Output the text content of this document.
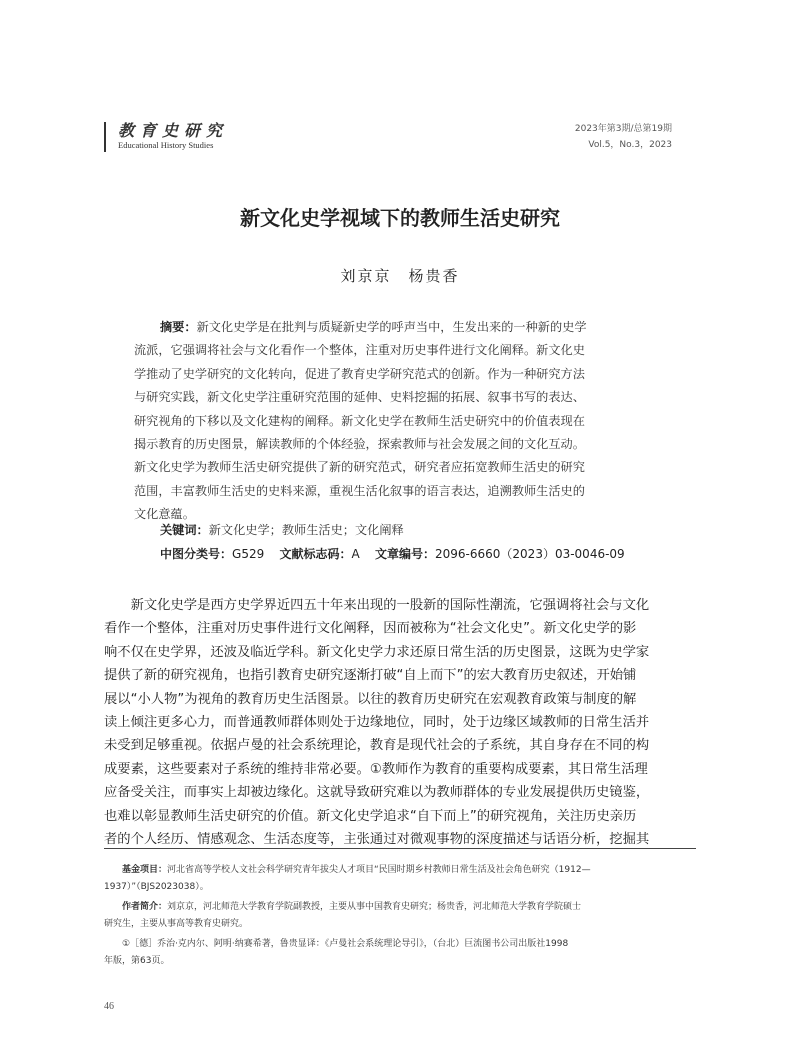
教育史研究
Educational History Studies
2023年第3期/总第19期
Vol.5，No.3，2023
新文化史学视域下的教师生活史研究
刘京京　杨贵香
摘要：新文化史学是在批判与质疑新史学的呼声当中，生发出来的一种新的史学
流派，它强调将社会与文化看作一个整体，注重对历史事件进行文化阐释。新文化史
学推动了史学研究的文化转向，促进了教育史学研究范式的创新。作为一种研究方法
与研究实践，新文化史学注重研究范围的延伸、史料挖掘的拓展、叙事书写的表达、
研究视角的下移以及文化建构的阐释。新文化史学在教师生活史研究中的价值表现在
揭示教育的历史图景，解读教师的个体经验，探索教师与社会发展之间的文化互动。
新文化史学为教师生活史研究提供了新的研究范式，研究者应拓宽教师生活史的研究
范围，丰富教师生活史的史料来源，重视生活化叙事的语言表达，追溯教师生活史的
文化意蕴。
关键词：新文化史学；教师生活史；文化阐释
中图分类号：G529 文献标志码：A 文章编号：2096-6660（2023）03-0046-09
　　新文化史学是西方史学界近四五十年来出现的一股新的国际性潮流，它强调将社会与文化
看作一个整体，注重对历史事件进行文化阐释，因而被称为“社会文化史”。新文化史学的影
响不仅在史学界，还波及临近学科。新文化史学力求还原日常生活的历史图景，这既为史学家
提供了新的研究视角，也指引教育史研究逐渐打破“自上而下”的宏大教育历史叙述，开始铺
展以“小人物”为视角的教育历史生活图景。以往的教育历史研究在宏观教育政策与制度的解
读上倾注更多心力，而普通教师群体则处于边缘地位，同时，处于边缘区域教师的日常生活并
未受到足够重视。依据卢曼的社会系统理论，教育是现代社会的子系统，其自身存在不同的构
成要素，这些要素对子系统的维持非常必要。①教师作为教育的重要构成要素，其日常生活理
应备受关注，而事实上却被边缘化。这就导致研究难以为教师群体的专业发展提供历史镜鉴，
也难以彰显教师生活史研究的价值。新文化史学追求“自下而上”的研究视角，关注历史亲历
者的个人经历、情感观念、生活态度等，主张通过对微观事物的深度描述与话语分析，挖掘其

基金项目：河北省高等学校人文社会科学研究青年拔尖人才项目“民国时期乡村教师日常生活及社会角色研究（1912—
1937）”（BJS2023038）。

作者简介：刘京京，河北师范大学教育学院副教授，主要从事中国教育史研究；杨贵香，河北师范大学教育学院硕士
研究生，主要从事高等教育史研究。

①［德］乔治·克内尔、阿明·纳赛希著，鲁贵显译：《卢曼社会系统理论导引》，（台北）巨流图书公司出版社1998
年版，第63页。

46
